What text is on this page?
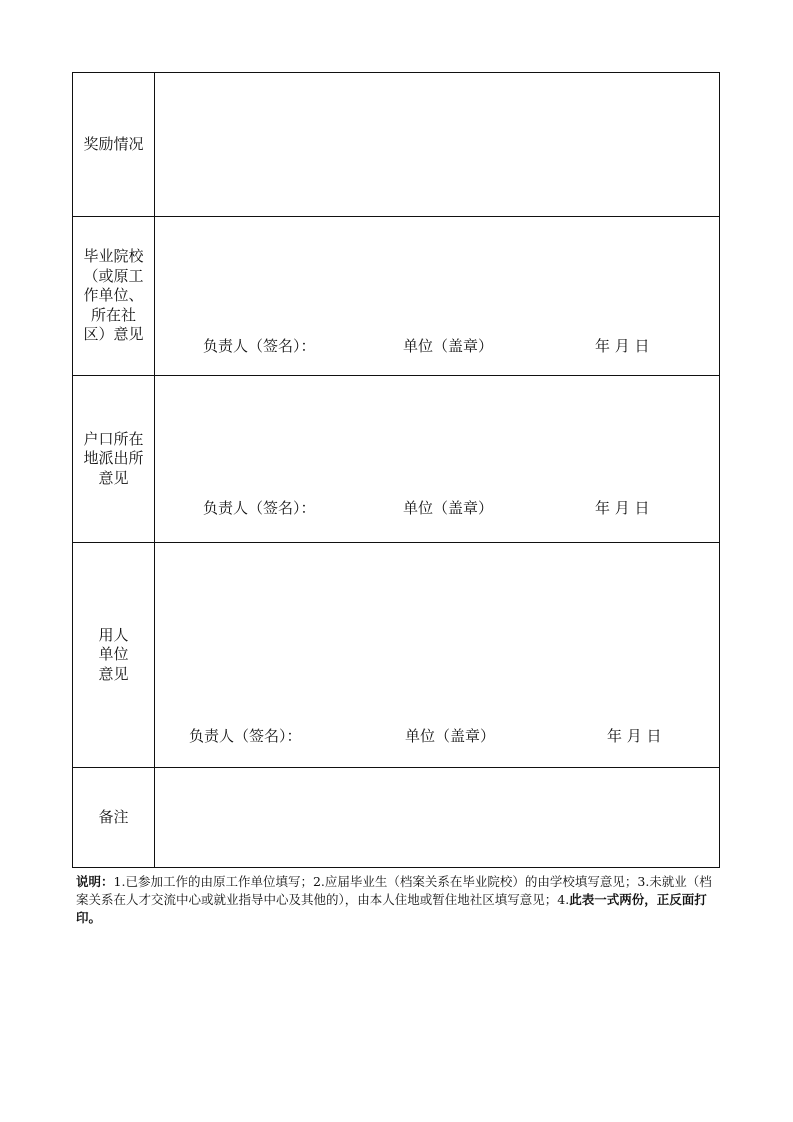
奖励情况
毕业院校
（或原工
作单位、
所在社
区）意见
负责人（签名）：	单位（盖章）	年 月 日
户口所在
地派出所
意见
负责人（签名）：	单位（盖章）	年 月 日
用人
单位
意见
负责人（签名）：	单位（盖章）	年 月 日
备注
说明：1.已参加工作的由原工作单位填写；2.应届毕业生（档案关系在毕业院校）的由学校填写意见；3.未就业（档案关系在人才交流中心或就业指导中心及其他的），由本人住地或暂住地社区填写意见；4.此表一式两份，正反面打印。
